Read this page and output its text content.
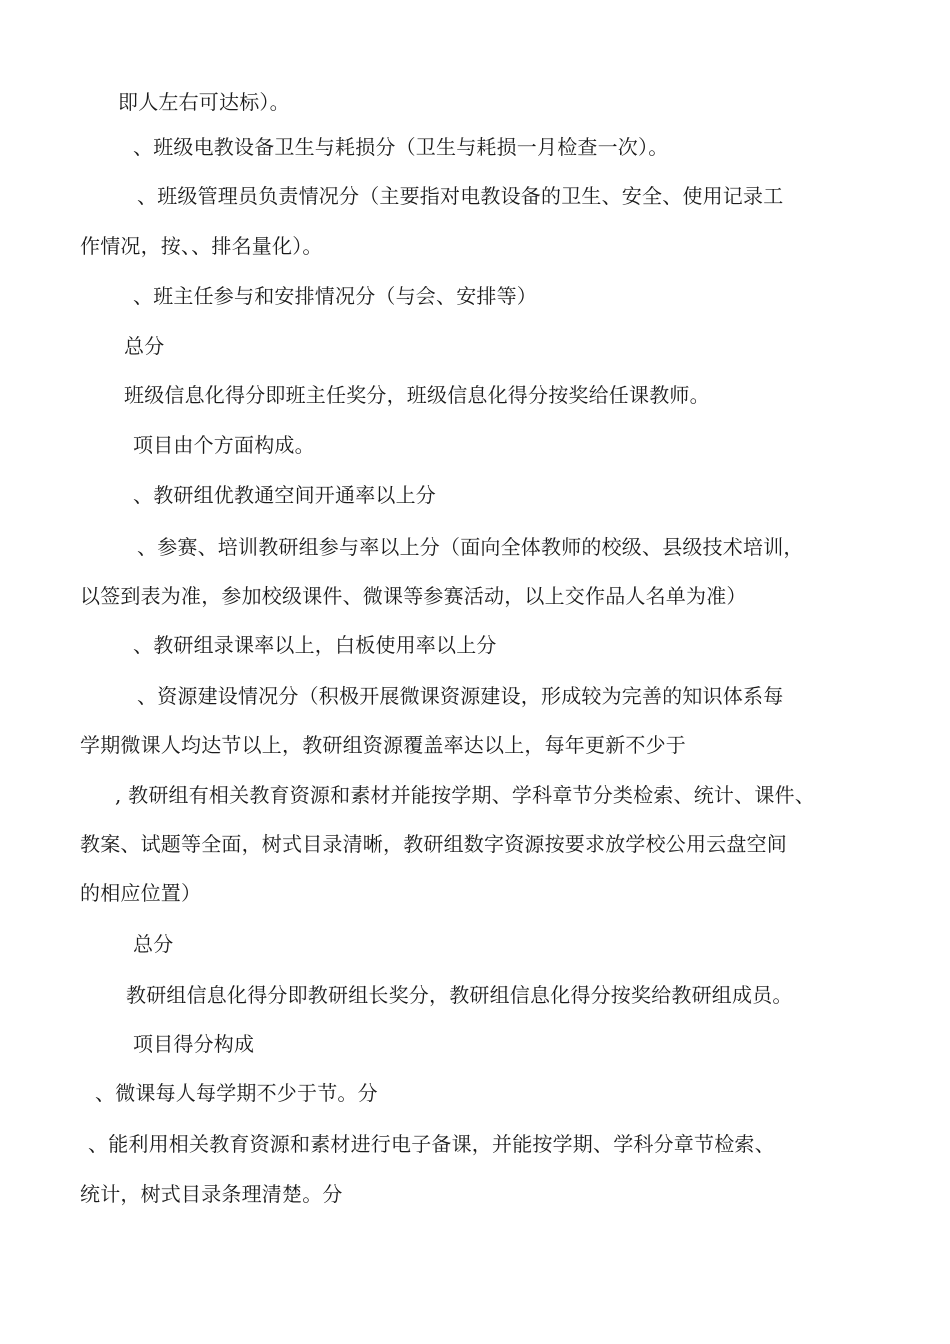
即人左右可达标）。
、班级电教设备卫生与耗损分（卫生与耗损一月检查一次）。
、班级管理员负责情况分（主要指对电教设备的卫生、安全、使用记录工
作情况，按、、排名量化）。
、班主任参与和安排情况分（与会、安排等）
总分
班级信息化得分即班主任奖分，班级信息化得分按奖给任课教师。
项目由个方面构成。
、教研组优教通空间开通率以上分
、参赛、培训教研组参与率以上分（面向全体教师的校级、县级技术培训，
以签到表为准，参加校级课件、微课等参赛活动，以上交作品人名单为准）
、教研组录课率以上，白板使用率以上分
、资源建设情况分（积极开展微课资源建设，形成较为完善的知识体系每
学期微课人均达节以上，教研组资源覆盖率达以上，每年更新不少于
, 教研组有相关教育资源和素材并能按学期、学科章节分类检索、统计、课件、
教案、试题等全面，树式目录清晰，教研组数字资源按要求放学校公用云盘空间
的相应位置）
总分
教研组信息化得分即教研组长奖分，教研组信息化得分按奖给教研组成员。
项目得分构成
、微课每人每学期不少于节。分
、能利用相关教育资源和素材进行电子备课，并能按学期、学科分章节检索、
统计，树式目录条理清楚。分
